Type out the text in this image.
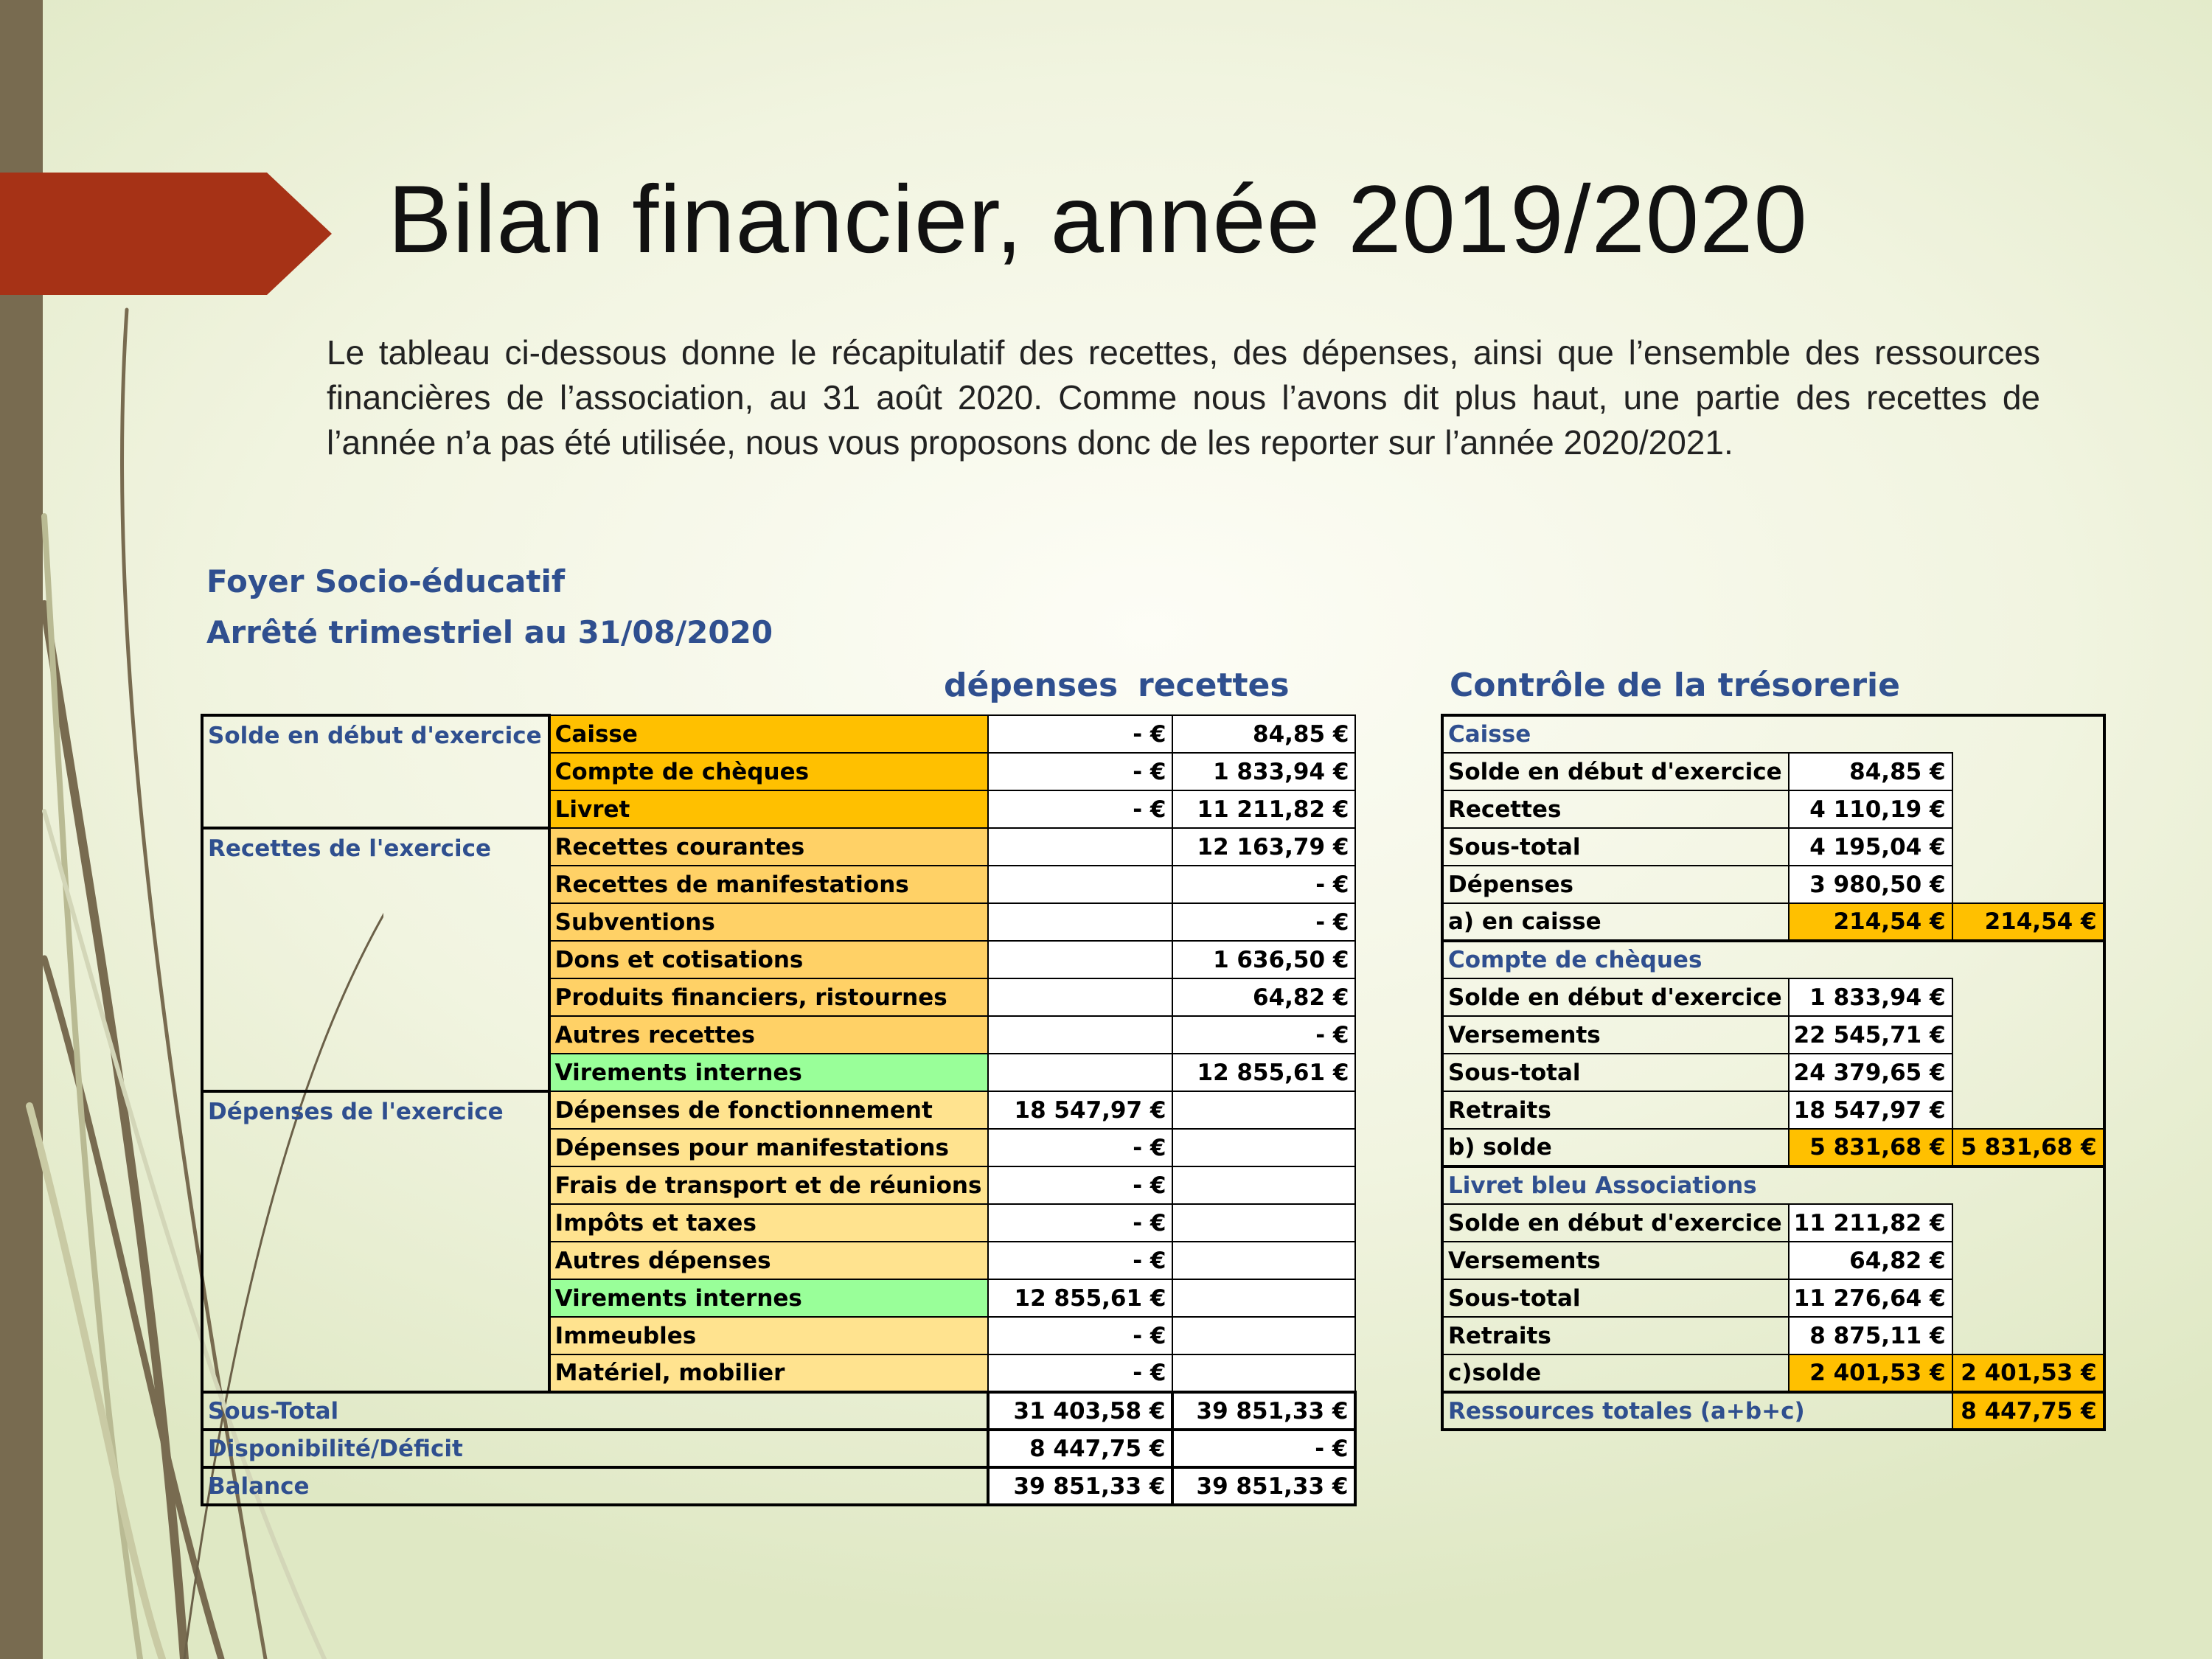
Bilan financier, année 2019/2020

Le tableau ci-dessous donne le récapitulatif des recettes, des dépenses, ainsi que l’ensemble des ressources financières de l’association, au 31 août 2020. Comme nous l’avons dit plus haut, une partie des recettes de l’année n’a pas été utilisée, nous vous proposons donc de les reporter sur l’année 2020/2021.

Foyer Socio-éducatif

Arrêté trimestriel au 31/08/2020

dépenses recettes	Contrôle de la trésorerie

Solde en début d'exercice	Caisse	- €	84,85 €
	Compte de chèques	- €	1 833,94 €
	Livret	- €	11 211,82 €
Recettes de l'exercice	Recettes courantes		12 163,79 €
	Recettes de manifestations		- €
	Subventions		- €
	Dons et cotisations		1 636,50 €
	Produits financiers, ristournes		64,82 €
	Autres recettes		- €
	Virements internes		12 855,61 €
Dépenses de l'exercice	Dépenses de fonctionnement	18 547,97 €	
	Dépenses pour manifestations	- €	
	Frais de transport et de réunions	- €	
	Impôts et taxes	- €	
	Autres dépenses	- €	
	Virements internes	12 855,61 €	
	Immeubles	- €	
	Matériel, mobilier	- €	
Sous-Total		31 403,58 €	39 851,33 €
Disponibilité/Déficit		8 447,75 €	- €
Balance		39 851,33 €	39 851,33 €
Caisse		
Solde en début d'exercice	84,85 €	
Recettes	4 110,19 €	
Sous-total	4 195,04 €	
Dépenses	3 980,50 €	
a) en caisse	214,54 €	214,54 €
Compte de chèques		
Solde en début d'exercice	1 833,94 €	
Versements	22 545,71 €	
Sous-total	24 379,65 €	
Retraits	18 547,97 €	
b) solde	5 831,68 €	5 831,68 €
Livret bleu Associations		
Solde en début d'exercice	11 211,82 €	
Versements	64,82 €	
Sous-total	11 276,64 €	
Retraits	8 875,11 €	
c)solde	2 401,53 €	2 401,53 €
Ressources totales (a+b+c)		8 447,75 €
